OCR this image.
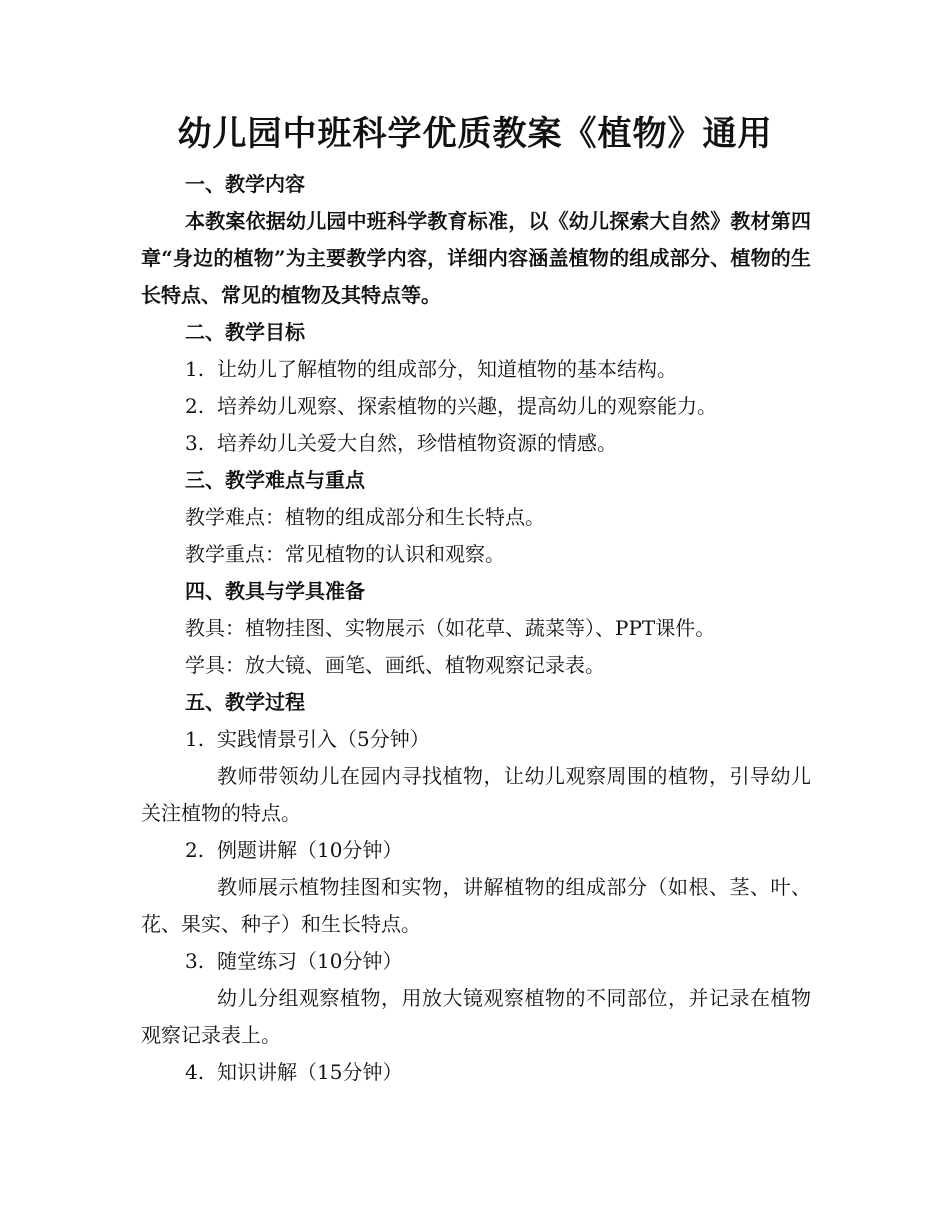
幼儿园中班科学优质教案《植物》通用

一、教学内容

本教案依据幼儿园中班科学教育标准，以《幼儿探索大自然》教材第四章“身边的植物”为主要教学内容，详细内容涵盖植物的组成部分、植物的生长特点、常见的植物及其特点等。

二、教学目标

1. 让幼儿了解植物的组成部分，知道植物的基本结构。

2. 培养幼儿观察、探索植物的兴趣，提高幼儿的观察能力。

3. 培养幼儿关爱大自然，珍惜植物资源的情感。

三、教学难点与重点

教学难点：植物的组成部分和生长特点。

教学重点：常见植物的认识和观察。

四、教具与学具准备

教具：植物挂图、实物展示（如花草、蔬菜等）、PPT课件。

学具：放大镜、画笔、画纸、植物观察记录表。

五、教学过程

1. 实践情景引入（5分钟）

教师带领幼儿在园内寻找植物，让幼儿观察周围的植物，引导幼儿关注植物的特点。

2. 例题讲解（10分钟）

教师展示植物挂图和实物，讲解植物的组成部分（如根、茎、叶、花、果实、种子）和生长特点。

3. 随堂练习（10分钟）

幼儿分组观察植物，用放大镜观察植物的不同部位，并记录在植物观察记录表上。

4. 知识讲解（15分钟）
